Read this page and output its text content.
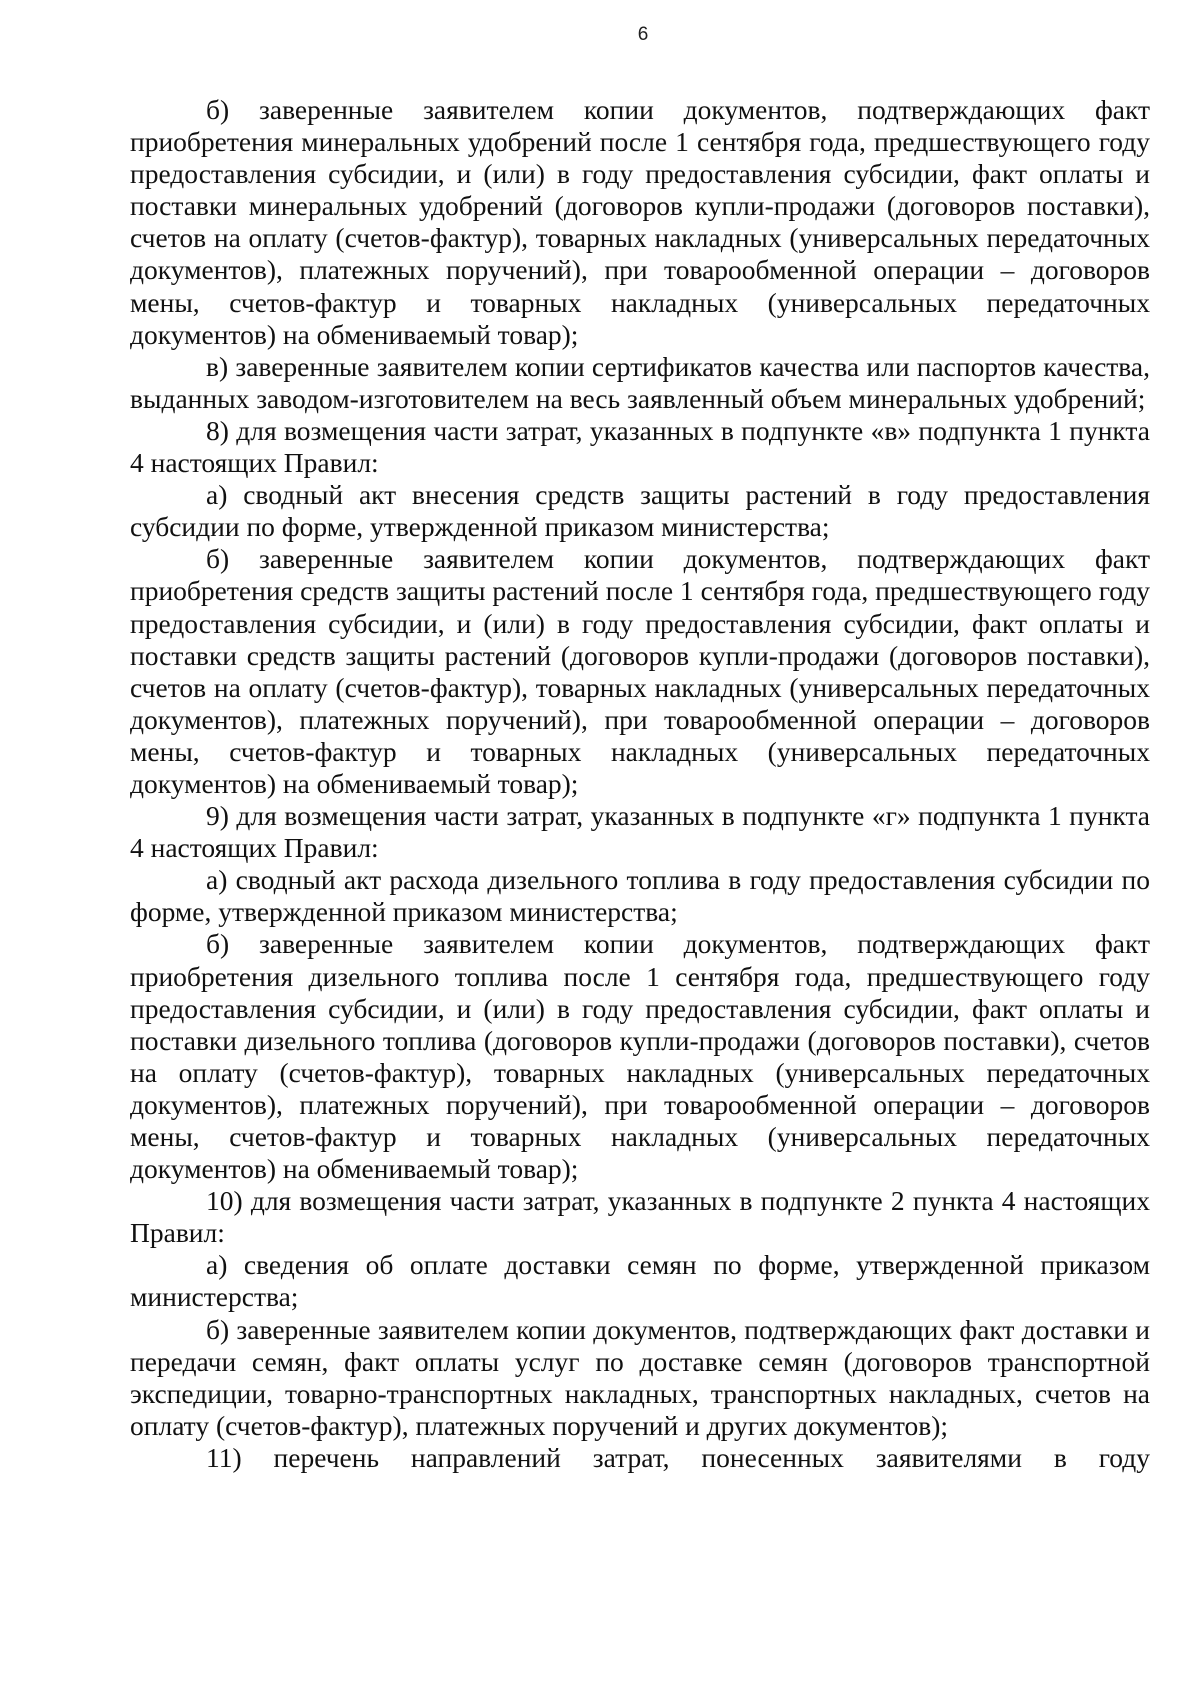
6

б) заверенные заявителем копии документов, подтверждающих факт приобретения минеральных удобрений после 1 сентября года, предшествующего году предоставления субсидии, и (или) в году предоставления субсидии, факт оплаты и поставки минеральных удобрений (договоров купли-продажи (договоров поставки), счетов на оплату (счетов-фактур), товарных накладных (универсальных передаточных документов), платежных поручений), при товарообменной операции – договоров мены, счетов-фактур и товарных накладных (универсальных передаточных документов) на обмениваемый товар);

в) заверенные заявителем копии сертификатов качества или паспортов качества, выданных заводом-изготовителем на весь заявленный объем минеральных удобрений;

8) для возмещения части затрат, указанных в подпункте «в» подпункта 1 пункта 4 настоящих Правил:

а) сводный акт внесения средств защиты растений в году предоставления субсидии по форме, утвержденной приказом министерства;

б) заверенные заявителем копии документов, подтверждающих факт приобретения средств защиты растений после 1 сентября года, предшествующего году предоставления субсидии, и (или) в году предоставления субсидии, факт оплаты и поставки средств защиты растений (договоров купли-продажи (договоров поставки), счетов на оплату (счетов-фактур), товарных накладных (универсальных передаточных документов), платежных поручений), при товарообменной операции – договоров мены, счетов-фактур и товарных накладных (универсальных передаточных документов) на обмениваемый товар);

9) для возмещения части затрат, указанных в подпункте «г» подпункта 1 пункта 4 настоящих Правил:

а) сводный акт расхода дизельного топлива в году предоставления субсидии по форме, утвержденной приказом министерства;

б) заверенные заявителем копии документов, подтверждающих факт приобретения дизельного топлива после 1 сентября года, предшествующего году предоставления субсидии, и (или) в году предоставления субсидии, факт оплаты и поставки дизельного топлива (договоров купли-продажи (договоров поставки), счетов на оплату (счетов-фактур), товарных накладных (универсальных передаточных документов), платежных поручений), при товарообменной операции – договоров мены, счетов-фактур и товарных накладных (универсальных передаточных документов) на обмениваемый товар);

10) для возмещения части затрат, указанных в подпункте 2 пункта 4 настоящих Правил:

а) сведения об оплате доставки семян по форме, утвержденной приказом министерства;

б) заверенные заявителем копии документов, подтверждающих факт доставки и передачи семян, факт оплаты услуг по доставке семян (договоров транспортной экспедиции, товарно-транспортных накладных, транспортных накладных, счетов на оплату (счетов-фактур), платежных поручений и других документов);

11) перечень направлений затрат, понесенных заявителями в году
